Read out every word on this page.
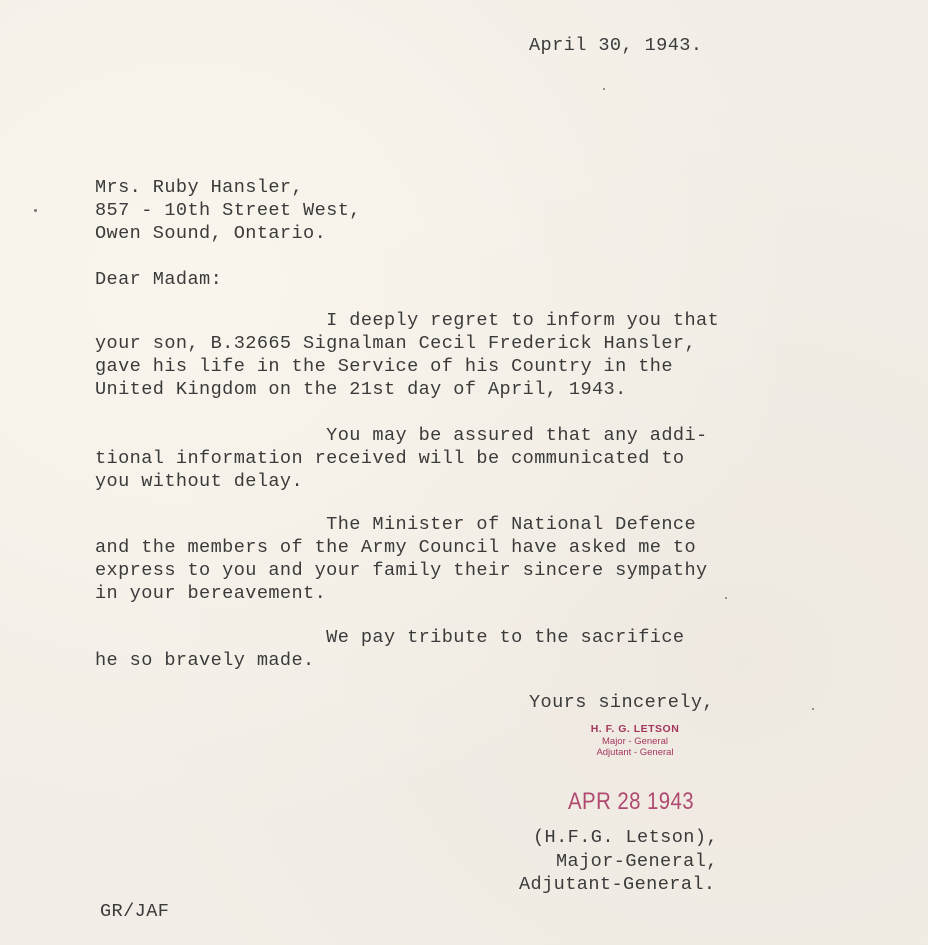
April 30, 1943.
Mrs. Ruby Hansler,
857 - 10th Street West,
Owen Sound, Ontario.
Dear Madam:
I deeply regret to inform you that
your son, B.32665 Signalman Cecil Frederick Hansler,
gave his life in the Service of his Country in the
United Kingdom on the 21st day of April, 1943.
You may be assured that any addi-
tional information received will be communicated to
you without delay.
The Minister of National Defence
and the members of the Army Council have asked me to
express to you and your family their sincere sympathy
in your bereavement.
We pay tribute to the sacrifice
he so bravely made.
Yours sincerely,
H. F. G. LETSON
Major - General
Adjutant - General
APR 28 1943
(H.F.G. Letson),
Major-General,
Adjutant-General.
GR/JAF
